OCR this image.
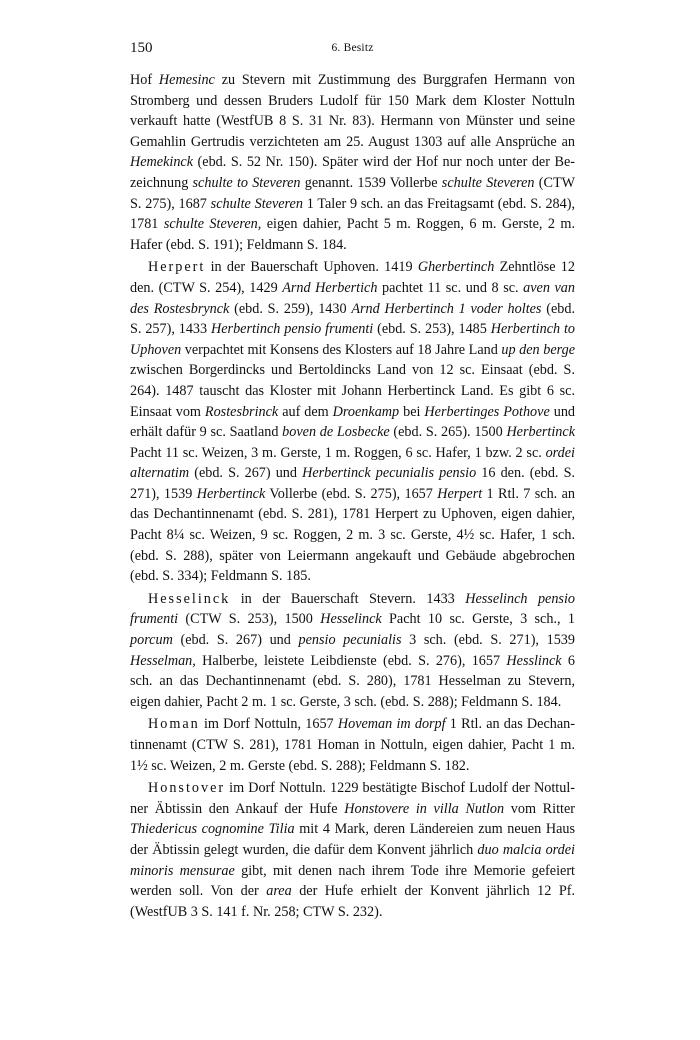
150	6. Besitz

Hof Hemesinc zu Stevern mit Zustimmung des Burggrafen Hermann von Stromberg und dessen Bruders Ludolf für 150 Mark dem Kloster Nottuln verkauft hatte (WestfUB 8 S. 31 Nr. 83). Hermann von Münster und seine Gemahlin Gertrudis verzichteten am 25. August 1303 auf alle Ansprüche an Hemekinck (ebd. S. 52 Nr. 150). Später wird der Hof nur noch unter der Bezeichnung schulte to Steveren genannt. 1539 Vollerbe schulte Steveren (CTW S. 275), 1687 schulte Steveren 1 Taler 9 sch. an das Freitagsamt (ebd. S. 284), 1781 schulte Steveren, eigen dahier, Pacht 5 m. Roggen, 6 m. Gerste, 2 m. Hafer (ebd. S. 191); Feldmann S. 184.

Herpert in der Bauerschaft Uphoven. 1419 Gherbertinch Zehntlöse 12 den. (CTW S. 254), 1429 Arnd Herbertich pachtet 11 sc. und 8 sc. aven van des Rostesbrynck (ebd. S. 259), 1430 Arnd Herbertinch 1 voder holtes (ebd. S. 257), 1433 Herbertinch pensio frumenti (ebd. S. 253), 1485 Herbertinch to Uphoven verpachtet mit Konsens des Klosters auf 18 Jahre Land up den berge zwischen Borgerdincks und Bertoldincks Land von 12 sc. Einsaat (ebd. S. 264). 1487 tauscht das Kloster mit Johann Herbertinck Land. Es gibt 6 sc. Einsaat vom Rostesbrinck auf dem Droenkamp bei Herbertinges Pothove und erhält dafür 9 sc. Saatland boven de Losbecke (ebd. S. 265). 1500 Herbertinck Pacht 11 sc. Weizen, 3 m. Gerste, 1 m. Roggen, 6 sc. Hafer, 1 bzw. 2 sc. ordei alternatim (ebd. S. 267) und Herbertinck pecunialis pensio 16 den. (ebd. S. 271), 1539 Herbertinck Vollerbe (ebd. S. 275), 1657 Herpert 1 Rtl. 7 sch. an das Dechantinnenamt (ebd. S. 281), 1781 Herpert zu Uphoven, eigen dahier, Pacht 8¼ sc. Weizen, 9 sc. Roggen, 2 m. 3 sc. Gerste, 4½ sc. Hafer, 1 sch. (ebd. S. 288), später von Leiermann angekauft und Gebäude abgebrochen (ebd. S. 334); Feldmann S. 185.

Hesselinck in der Bauerschaft Stevern. 1433 Hesselinch pensio frumenti (CTW S. 253), 1500 Hesselinck Pacht 10 sc. Gerste, 3 sch., 1 porcum (ebd. S. 267) und pensio pecunialis 3 sch. (ebd. S. 271), 1539 Hesselman, Halberbe, leistete Leibdienste (ebd. S. 276), 1657 Hesslinck 6 sch. an das Dechantinnenamt (ebd. S. 280), 1781 Hesselman zu Stevern, eigen dahier, Pacht 2 m. 1 sc. Gerste, 3 sch. (ebd. S. 288); Feldmann S. 184.

Homan im Dorf Nottuln, 1657 Hoveman im dorpf 1 Rtl. an das Dechantinnenamt (CTW S. 281), 1781 Homan in Nottuln, eigen dahier, Pacht 1 m. 1½ sc. Weizen, 2 m. Gerste (ebd. S. 288); Feldmann S. 182.

Honstover im Dorf Nottuln. 1229 bestätigte Bischof Ludolf der Nottulner Äbtissin den Ankauf der Hufe Honstovere in villa Nutlon vom Ritter Thiedericus cognomine Tilia mit 4 Mark, deren Ländereien zum neuen Haus der Äbtissin gelegt wurden, die dafür dem Konvent jährlich duo malcia ordei minoris mensurae gibt, mit denen nach ihrem Tode ihre Memorie gefeiert werden soll. Von der area der Hufe erhielt der Konvent jährlich 12 Pf. (WestfUB 3 S. 141 f. Nr. 258; CTW S. 232).
